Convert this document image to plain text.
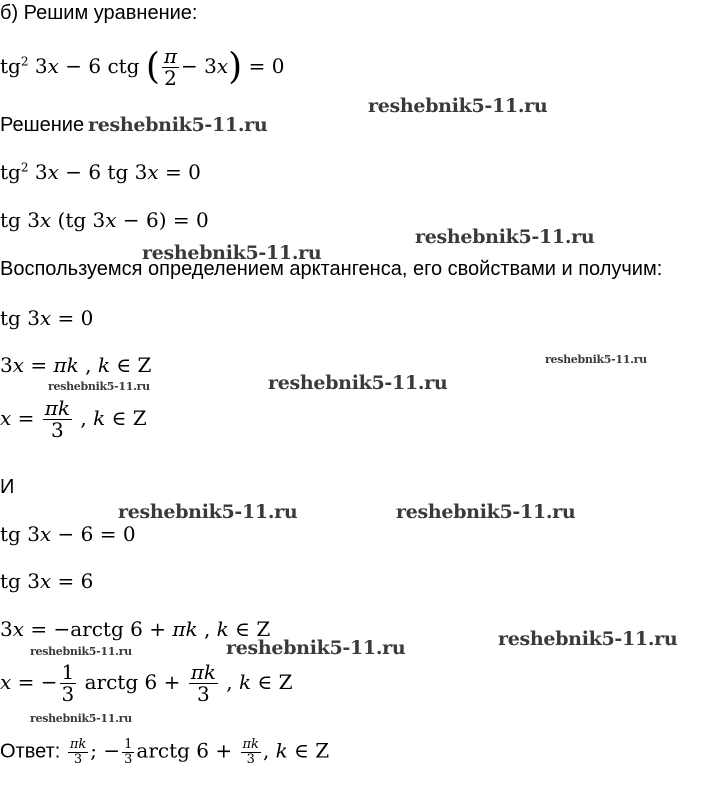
б) Решим уравнение:
$tg^2$ 3x − 6 ctg ( $\frac{\pi}{2} - 3x) = 0$
Решение
$tg^2$ 3x − 6 tg 3x = 0
tg 3x (tg 3x − 6) = 0
Воспользуемся определением арктангенса, его свойствами и получим:
tg 3x = 0
3x = πk , k ∈ Z
$x = \frac{\pi k}{3}$ , k ∈ Z
И
tg 3x − 6 = 0
tg 3x = 6
3x = −arctg 6 + πk , k ∈ Z
x = − $\frac{1}{3}$ arctg $6 + \frac{\pi k}{3}$ , k ∈ Z
Ответ: $\frac{\pi k}{3}$ ; − $\frac{1}{3}$ arctg $6 + \frac{\pi k}{3}$ , k ∈ Z
reshebnik5-11.ru
reshebnik5-11.ru
reshebnik5-11.ru
reshebnik5-11.ru
reshebnik5-11.ru
reshebnik5-11.ru	reshebnik5-11.ru
reshebnik5-11.ru	reshebnik5-11.ru
reshebnik5-11.ru
reshebnik5-11.ru
reshebnik5-11.ru
reshebnik5-11.ru
